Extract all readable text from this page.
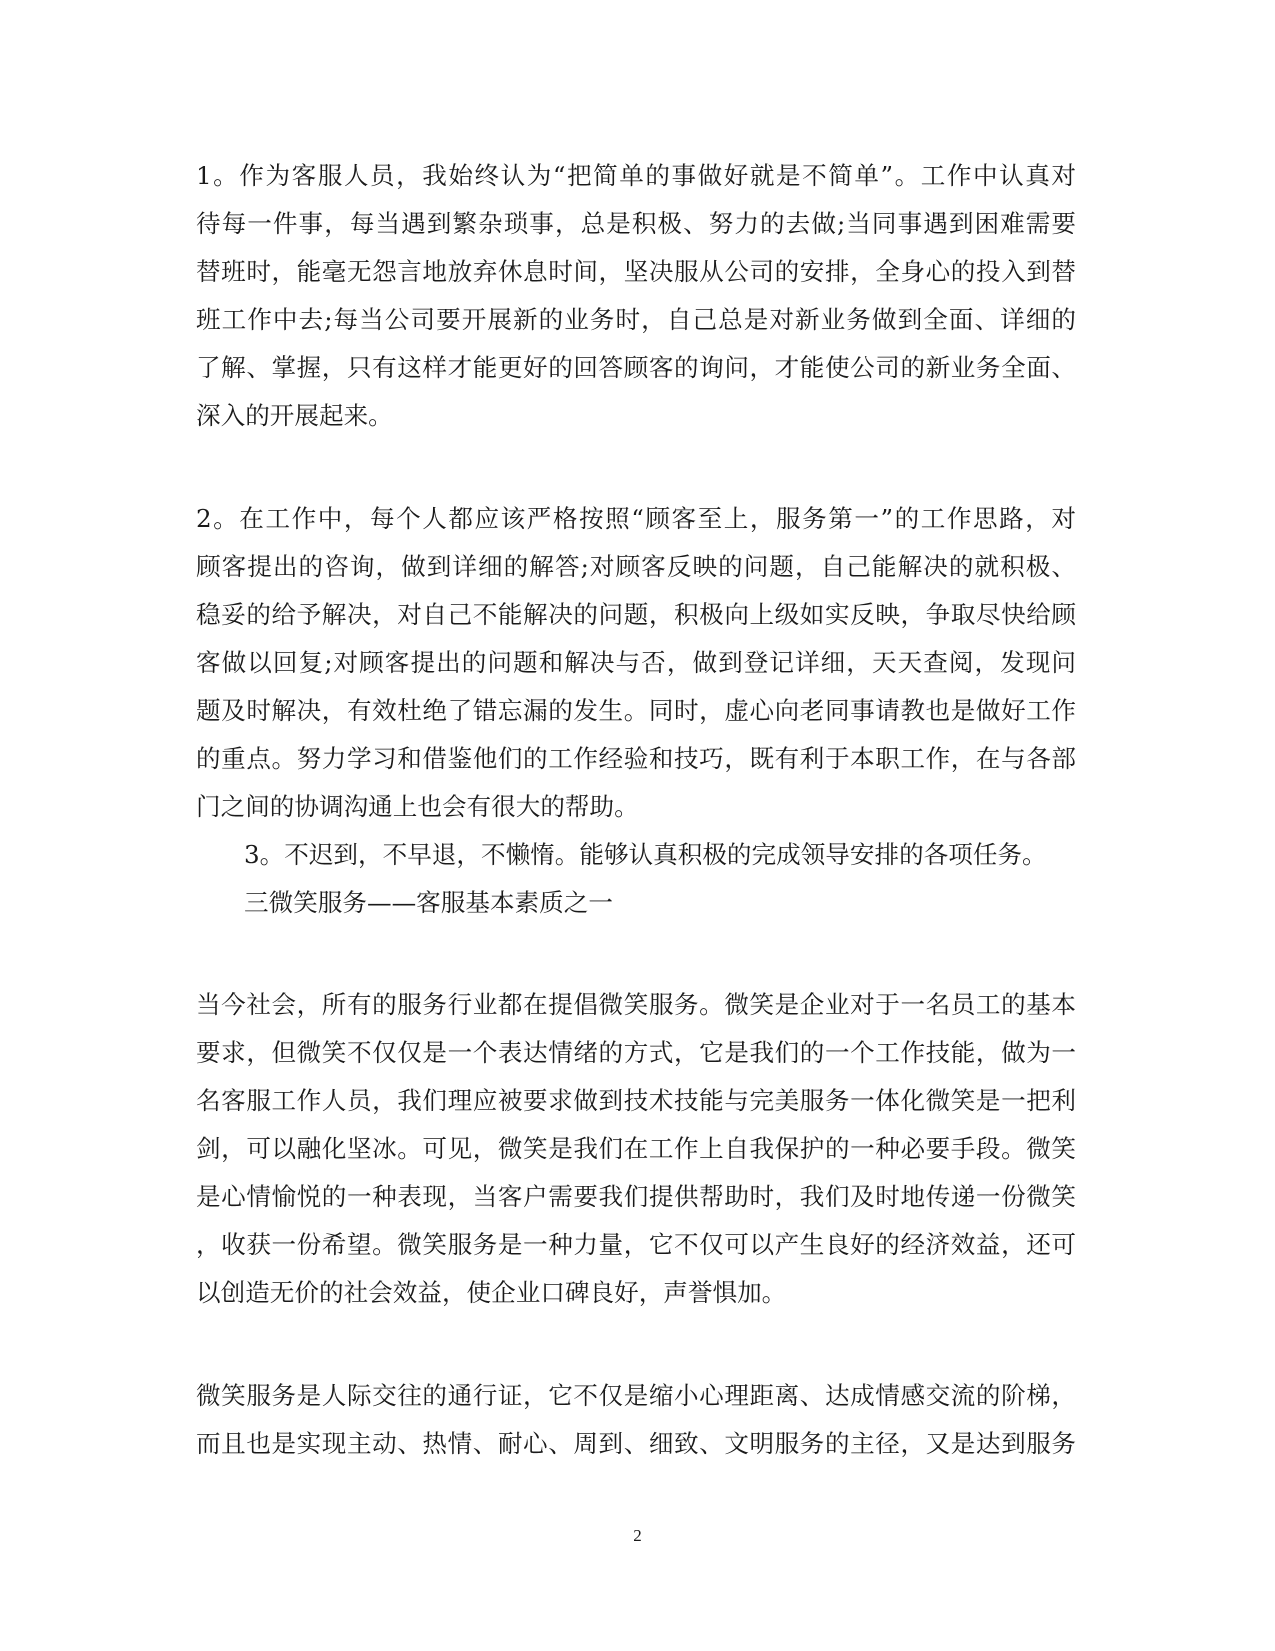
1。作为客服人员，我始终认为“把简单的事做好就是不简单”。工作中认真对
待每一件事，每当遇到繁杂琐事，总是积极、努力的去做;当同事遇到困难需要
替班时，能毫无怨言地放弃休息时间，坚决服从公司的安排，全身心的投入到替
班工作中去;每当公司要开展新的业务时，自己总是对新业务做到全面、详细的
了解、掌握，只有这样才能更好的回答顾客的询问，才能使公司的新业务全面、
深入的开展起来。
2。在工作中，每个人都应该严格按照“顾客至上，服务第一”的工作思路，对
顾客提出的咨询，做到详细的解答;对顾客反映的问题，自己能解决的就积极、
稳妥的给予解决，对自己不能解决的问题，积极向上级如实反映，争取尽快给顾
客做以回复;对顾客提出的问题和解决与否，做到登记详细，天天查阅，发现问
题及时解决，有效杜绝了错忘漏的发生。同时，虚心向老同事请教也是做好工作
的重点。努力学习和借鉴他们的工作经验和技巧，既有利于本职工作，在与各部
门之间的协调沟通上也会有很大的帮助。
3。不迟到，不早退，不懒惰。能够认真积极的完成领导安排的各项任务。
三微笑服务——客服基本素质之一
当今社会，所有的服务行业都在提倡微笑服务。微笑是企业对于一名员工的基本
要求，但微笑不仅仅是一个表达情绪的方式，它是我们的一个工作技能，做为一
名客服工作人员，我们理应被要求做到技术技能与完美服务一体化微笑是一把利
剑，可以融化坚冰。可见，微笑是我们在工作上自我保护的一种必要手段。微笑
是心情愉悦的一种表现，当客户需要我们提供帮助时，我们及时地传递一份微笑
，收获一份希望。微笑服务是一种力量，它不仅可以产生良好的经济效益，还可
以创造无价的社会效益，使企业口碑良好，声誉惧加。
微笑服务是人际交往的通行证，它不仅是缩小心理距离、达成情感交流的阶梯，
而且也是实现主动、热情、耐心、周到、细致、文明服务的主径，又是达到服务
2
